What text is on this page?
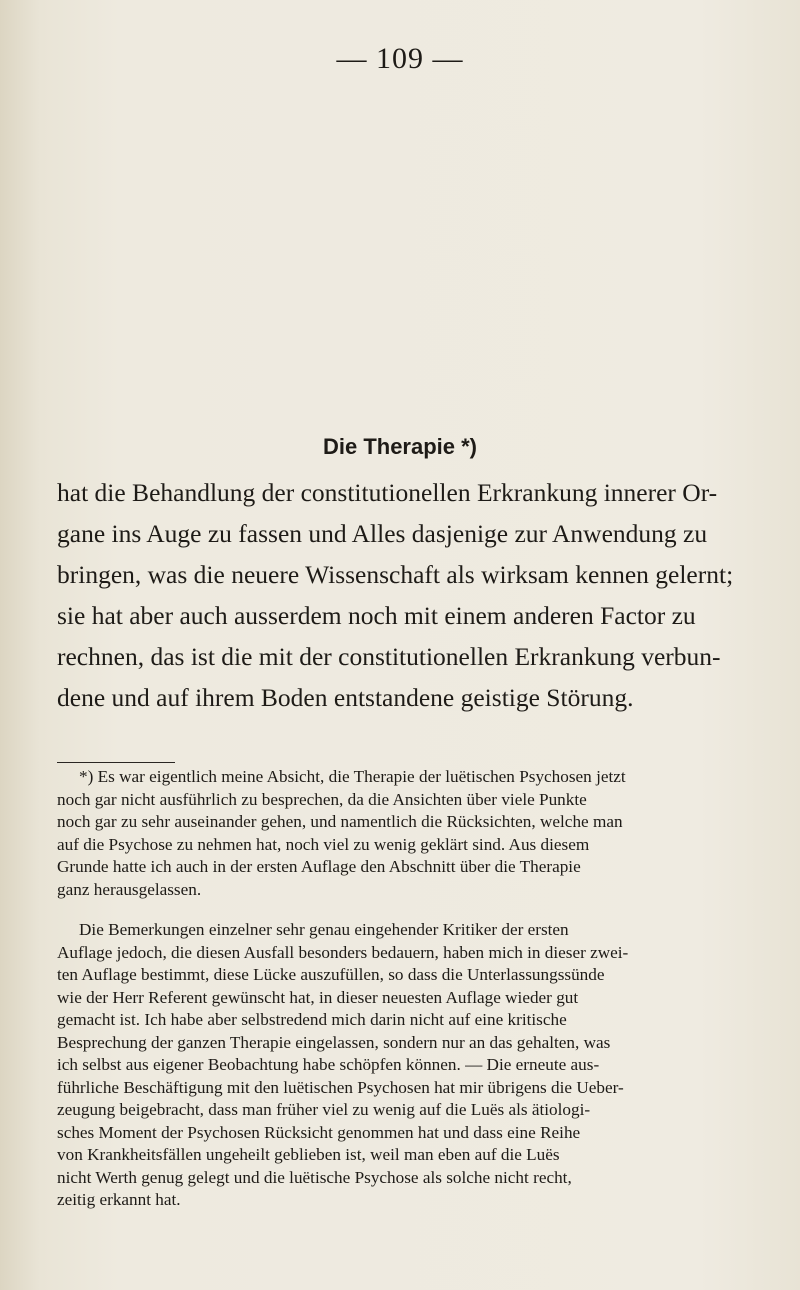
— 109 —
Die Therapie *)
hat die Behandlung der constitutionellen Erkrankung innerer Or-
gane ins Auge zu fassen und Alles dasjenige zur Anwendung zu
bringen, was die neuere Wissenschaft als wirksam kennen gelernt;
sie hat aber auch ausserdem noch mit einem anderen Factor zu
rechnen, das ist die mit der constitutionellen Erkrankung verbun-
dene und auf ihrem Boden entstandene geistige Störung.
*) Es war eigentlich meine Absicht, die Therapie der luëtischen Psychosen jetzt
noch gar nicht ausführlich zu besprechen, da die Ansichten über viele Punkte
noch gar zu sehr auseinander gehen, und namentlich die Rücksichten, welche man
auf die Psychose zu nehmen hat, noch viel zu wenig geklärt sind. Aus diesem
Grunde hatte ich auch in der ersten Auflage den Abschnitt über die Therapie
ganz herausgelassen.
Die Bemerkungen einzelner sehr genau eingehender Kritiker der ersten
Auflage jedoch, die diesen Ausfall besonders bedauern, haben mich in dieser zwei-
ten Auflage bestimmt, diese Lücke auszufüllen, so dass die Unterlassungssünde
wie der Herr Referent gewünscht hat, in dieser neuesten Auflage wieder gut
gemacht ist. Ich habe aber selbstredend mich darin nicht auf eine kritische
Besprechung der ganzen Therapie eingelassen, sondern nur an das gehalten, was
ich selbst aus eigener Beobachtung habe schöpfen können. — Die erneute aus-
führliche Beschäftigung mit den luëtischen Psychosen hat mir übrigens die Ueber-
zeugung beigebracht, dass man früher viel zu wenig auf die Luës als ätiologi-
sches Moment der Psychosen Rücksicht genommen hat und dass eine Reihe
von Krankheitsfällen ungeheilt geblieben ist, weil man eben auf die Luës
nicht Werth genug gelegt und die luëtische Psychose als solche nicht recht,
zeitig erkannt hat.
